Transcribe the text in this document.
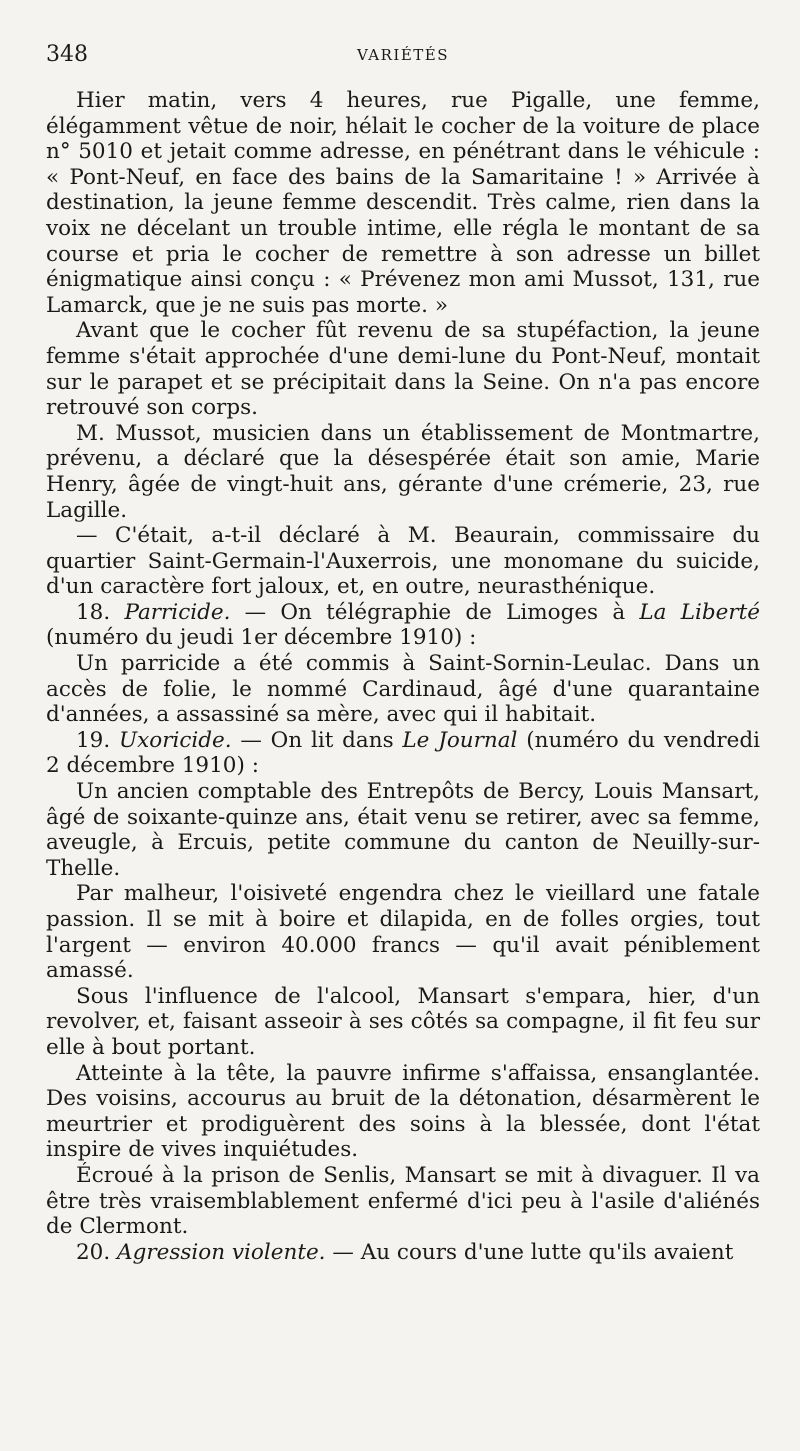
348	VARIÉTÉS

Hier matin, vers 4 heures, rue Pigalle, une femme, élégamment vêtue de noir, hélait le cocher de la voiture de place n° 5010 et jetait comme adresse, en pénétrant dans le véhicule : « Pont-Neuf, en face des bains de la Samaritaine ! » Arrivée à destination, la jeune femme descendit. Très calme, rien dans la voix ne décelant un trouble intime, elle régla le montant de sa course et pria le cocher de remettre à son adresse un billet énigmatique ainsi conçu : « Prévenez mon ami Mussot, 131, rue Lamarck, que je ne suis pas morte. »

Avant que le cocher fût revenu de sa stupéfaction, la jeune femme s'était approchée d'une demi-lune du Pont-Neuf, montait sur le parapet et se précipitait dans la Seine. On n'a pas encore retrouvé son corps.

M. Mussot, musicien dans un établissement de Montmartre, prévenu, a déclaré que la désespérée était son amie, Marie Henry, âgée de vingt-huit ans, gérante d'une crémerie, 23, rue Lagille.

— C'était, a-t-il déclaré à M. Beaurain, commissaire du quartier Saint-Germain-l'Auxerrois, une monomane du suicide, d'un caractère fort jaloux, et, en outre, neurasthénique.

18. Parricide. — On télégraphie de Limoges à La Liberté (numéro du jeudi 1er décembre 1910) :

Un parricide a été commis à Saint-Sornin-Leulac. Dans un accès de folie, le nommé Cardinaud, âgé d'une quarantaine d'années, a assassiné sa mère, avec qui il habitait.

19. Uxoricide. — On lit dans Le Journal (numéro du vendredi 2 décembre 1910) :

Un ancien comptable des Entrepôts de Bercy, Louis Mansart, âgé de soixante-quinze ans, était venu se retirer, avec sa femme, aveugle, à Ercuis, petite commune du canton de Neuilly-sur-Thelle.

Par malheur, l'oisiveté engendra chez le vieillard une fatale passion. Il se mit à boire et dilapida, en de folles orgies, tout l'argent — environ 40.000 francs — qu'il avait péniblement amassé.

Sous l'influence de l'alcool, Mansart s'empara, hier, d'un revolver, et, faisant asseoir à ses côtés sa compagne, il fit feu sur elle à bout portant.

Atteinte à la tête, la pauvre infirme s'affaissa, ensanglantée. Des voisins, accourus au bruit de la détonation, désarmèrent le meurtrier et prodiguèrent des soins à la blessée, dont l'état inspire de vives inquiétudes.

Écroué à la prison de Senlis, Mansart se mit à divaguer. Il va être très vraisemblablement enfermé d'ici peu à l'asile d'aliénés de Clermont.

20. Agression violente. — Au cours d'une lutte qu'ils avaient
